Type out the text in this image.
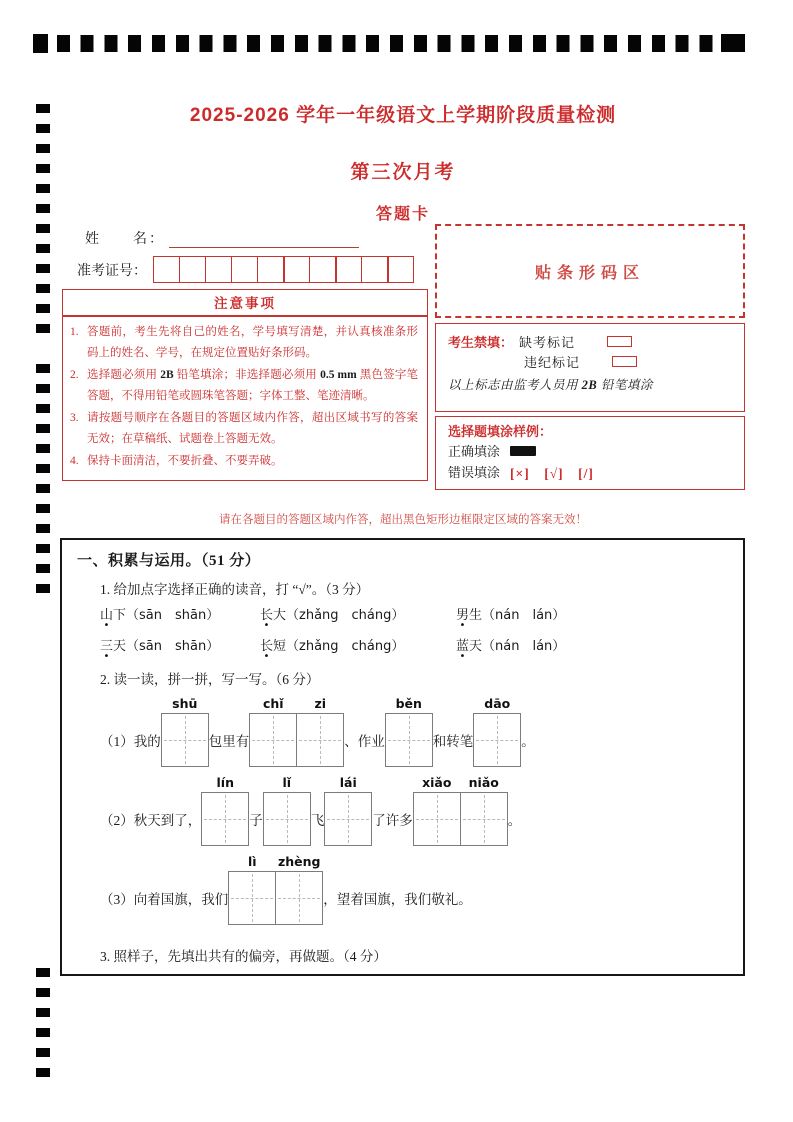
2025-2026 学年一年级语文上学期阶段质量检测
第三次月考
答题卡
姓　　名：
准考证号：
注意事项
1. 答题前，考生先将自己的姓名，学号填写清楚，并认真核准条形码上的姓名、学号，在规定位置贴好条形码。
2. 选择题必须用 2B 铅笔填涂；非选择题必须用 0.5 mm 黑色签字笔答题，不得用铅笔或圆珠笔答题；字体工整、笔迹清晰。
3. 请按题号顺序在各题目的答题区域内作答，超出区域书写的答案无效；在草稿纸、试题卷上答题无效。
4. 保持卡面清洁，不要折叠、不要弄破。
贴条形码区
考生禁填： 缺考标记
违纪标记
以上标志由监考人员用 2B 铅笔填涂
选择题填涂样例：
正确填涂
错误填涂 [×]　[√]　[/]
请在各题目的答题区域内作答，超出黑色矩形边框限定区域的答案无效！
一、积累与运用。（51 分）
1. 给加点字选择正确的读音，打 “√”。（3 分）
山下（sān　shān）	长大（zhǎng　cháng）	男生（nán　lán）
三天（sān　shān）	长短（zhǎng　cháng）	蓝天（nán　lán）
2. 读一读，拼一拼，写一写。（6 分）
（1）我的
shū
包里有
chǐ	zi
、作业
běn
和转笔
dāo
。
（2）秋天到了，
lín
子
lǐ
飞
lái
了许多
xiǎo	niǎo
。
（3）向着国旗，我们
lì	zhèng
，望着国旗，我们敬礼。
3. 照样子，先填出共有的偏旁，再做题。（4 分）
